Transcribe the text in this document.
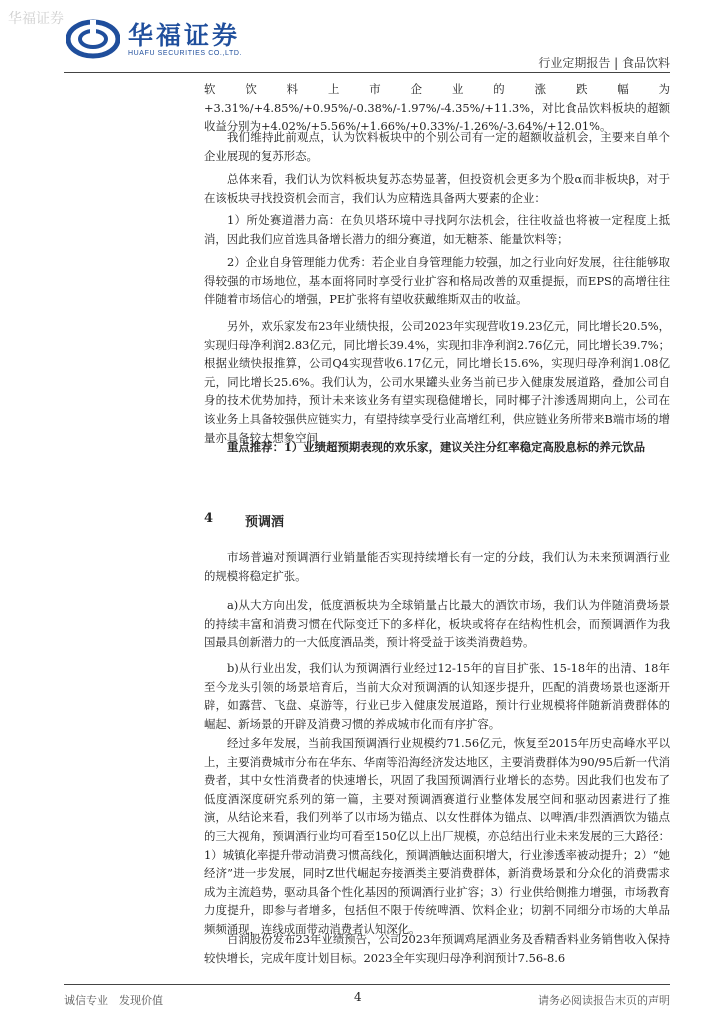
华福证券
华福证券
HUAFU SECURITIES CO.,LTD.
行业定期报告 | 食品饮料

软饮料上市企业的涨跌幅为+3.31%/+4.85%/+0.95%/-0.38%/-1.97%/-4.35%/+11.3%，对比食品饮料板块的超额收益分别为+4.02%/+5.56%/+1.66%/+0.33%/-1.26%/-3.64%/+12.01%。

我们维持此前观点，认为饮料板块中的个别公司有一定的超额收益机会，主要来自单个企业展现的复苏形态。

总体来看，我们认为饮料板块复苏态势显著，但投资机会更多为个股α而非板块β，对于在该板块寻找投资机会而言，我们认为应精选具备两大要素的企业：

1）所处赛道潜力高：在负贝塔环境中寻找阿尔法机会，往往收益也将被一定程度上抵消，因此我们应首选具备增长潜力的细分赛道，如无糖茶、能量饮料等；

2）企业自身管理能力优秀：若企业自身管理能力较强，加之行业向好发展，往往能够取得较强的市场地位，基本面将同时享受行业扩容和格局改善的双重提振，而EPS的高增往往伴随着市场信心的增强，PE扩张将有望收获戴维斯双击的收益。

另外，欢乐家发布23年业绩快报，公司2023年实现营收19.23亿元，同比增长20.5%，实现归母净利润2.83亿元，同比增长39.4%，实现扣非净利润2.76亿元，同比增长39.7%；根据业绩快报推算，公司Q4实现营收6.17亿元，同比增长15.6%，实现归母净利润1.08亿元，同比增长25.6%。我们认为，公司水果罐头业务当前已步入健康发展道路，叠加公司自身的技术优势加持，预计未来该业务有望实现稳健增长，同时椰子汁渗透周期向上，公司在该业务上具备较强供应链实力，有望持续享受行业高增红利，供应链业务所带来B端市场的增量亦具备较大想象空间

重点推荐：1）业绩超预期表现的欢乐家，建议关注分红率稳定高股息标的养元饮品

4 预调酒

市场普遍对预调酒行业销量能否实现持续增长有一定的分歧，我们认为未来预调酒行业的规模将稳定扩张。

a)从大方向出发，低度酒板块为全球销量占比最大的酒饮市场，我们认为伴随消费场景的持续丰富和消费习惯在代际变迁下的多样化，板块或将存在结构性机会，而预调酒作为我国最具创新潜力的一大低度酒品类，预计将受益于该类消费趋势。

b)从行业出发，我们认为预调酒行业经过12-15年的盲目扩张、15-18年的出清、18年至今龙头引领的场景培育后，当前大众对预调酒的认知逐步提升，匹配的消费场景也逐渐开辟，如露营、飞盘、桌游等，行业已步入健康发展道路，预计行业规模将伴随新消费群体的崛起、新场景的开辟及消费习惯的养成城市化而有序扩容。

经过多年发展，当前我国预调酒行业规模约71.56亿元，恢复至2015年历史高峰水平以上，主要消费城市分布在华东、华南等沿海经济发达地区，主要消费群体为90/95后新一代消费者，其中女性消费者的快速增长，巩固了我国预调酒行业增长的态势。因此我们也发布了低度酒深度研究系列的第一篇，主要对预调酒赛道行业整体发展空间和驱动因素进行了推演，从结论来看，我们列举了以市场为锚点、以女性群体为锚点、以啤酒/非烈酒酒饮为锚点的三大视角，预调酒行业均可看至150亿以上出厂规模，亦总结出行业未来发展的三大路径：1）城镇化率提升带动消费习惯高线化，预调酒触达面积增大，行业渗透率被动提升；2）“她经济”进一步发展，同时Z世代崛起夯接酒类主要消费群体，新消费场景和分众化的消费需求成为主流趋势，驱动具备个性化基因的预调酒行业扩容；3）行业供给侧推力增强，市场教育力度提升，即参与者增多，包括但不限于传统啤酒、饮料企业；切割不同细分市场的大单品频频涌现，连线成面带动消费者认知深化。

百润股份发布23年业绩预告，公司2023年预调鸡尾酒业务及香精香料业务销售收入保持较快增长，完成年度计划目标。2023全年实现归母净利润预计7.56-8.6

诚信专业　发现价值	4	请务必阅读报告末页的声明
